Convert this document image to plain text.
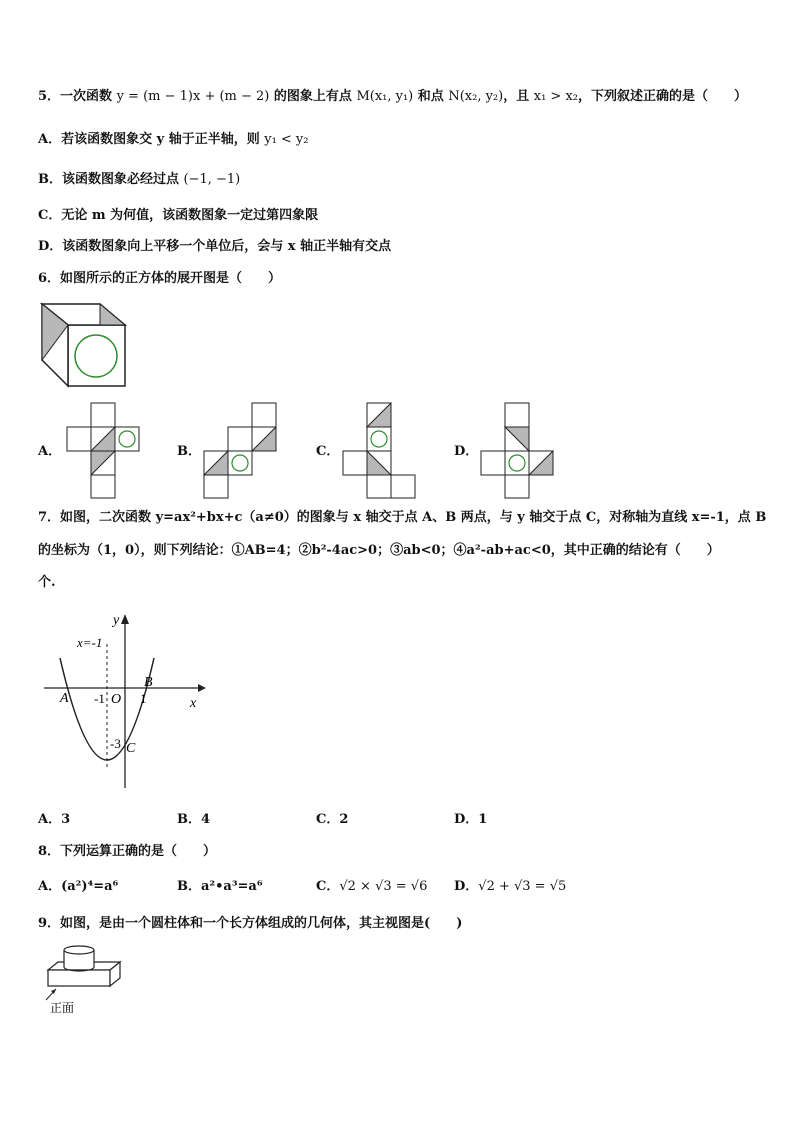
5．一次函数 y = (m − 1)x + (m − 2) 的图象上有点 M(x₁, y₁) 和点 N(x₂, y₂)，且 x₁ > x₂，下列叙述正确的是（　　）
A．若该函数图象交 y 轴于正半轴，则 y₁ < y₂
B．该函数图象必经过点 (−1, −1)
C．无论 m 为何值，该函数图象一定过第四象限
D．该函数图象向上平移一个单位后，会与 x 轴正半轴有交点
6．如图所示的正方体的展开图是（　　）
A．	B．	C．	D．
7．如图，二次函数 y=ax²+bx+c（a≠0）的图象与 x 轴交于点 A、B 两点，与 y 轴交于点 C，对称轴为直线 x=-1，点 B
的坐标为（1，0），则下列结论：①AB=4；②b²-4ac>0；③ab<0；④a²-ab+ac<0，其中正确的结论有（　　）
个.
y
x
x=-1
A
B
-1 O 1
-3 C
A．3	B．4	C．2	D．1
8．下列运算正确的是（　　）
A．(a²)⁴=a⁶	B．a²•a³=a⁶	C．√2 × √3 = √6 D．√2 + √3 = √5
9．如图，是由一个圆柱体和一个长方体组成的几何体，其主视图是(　　)
正面
